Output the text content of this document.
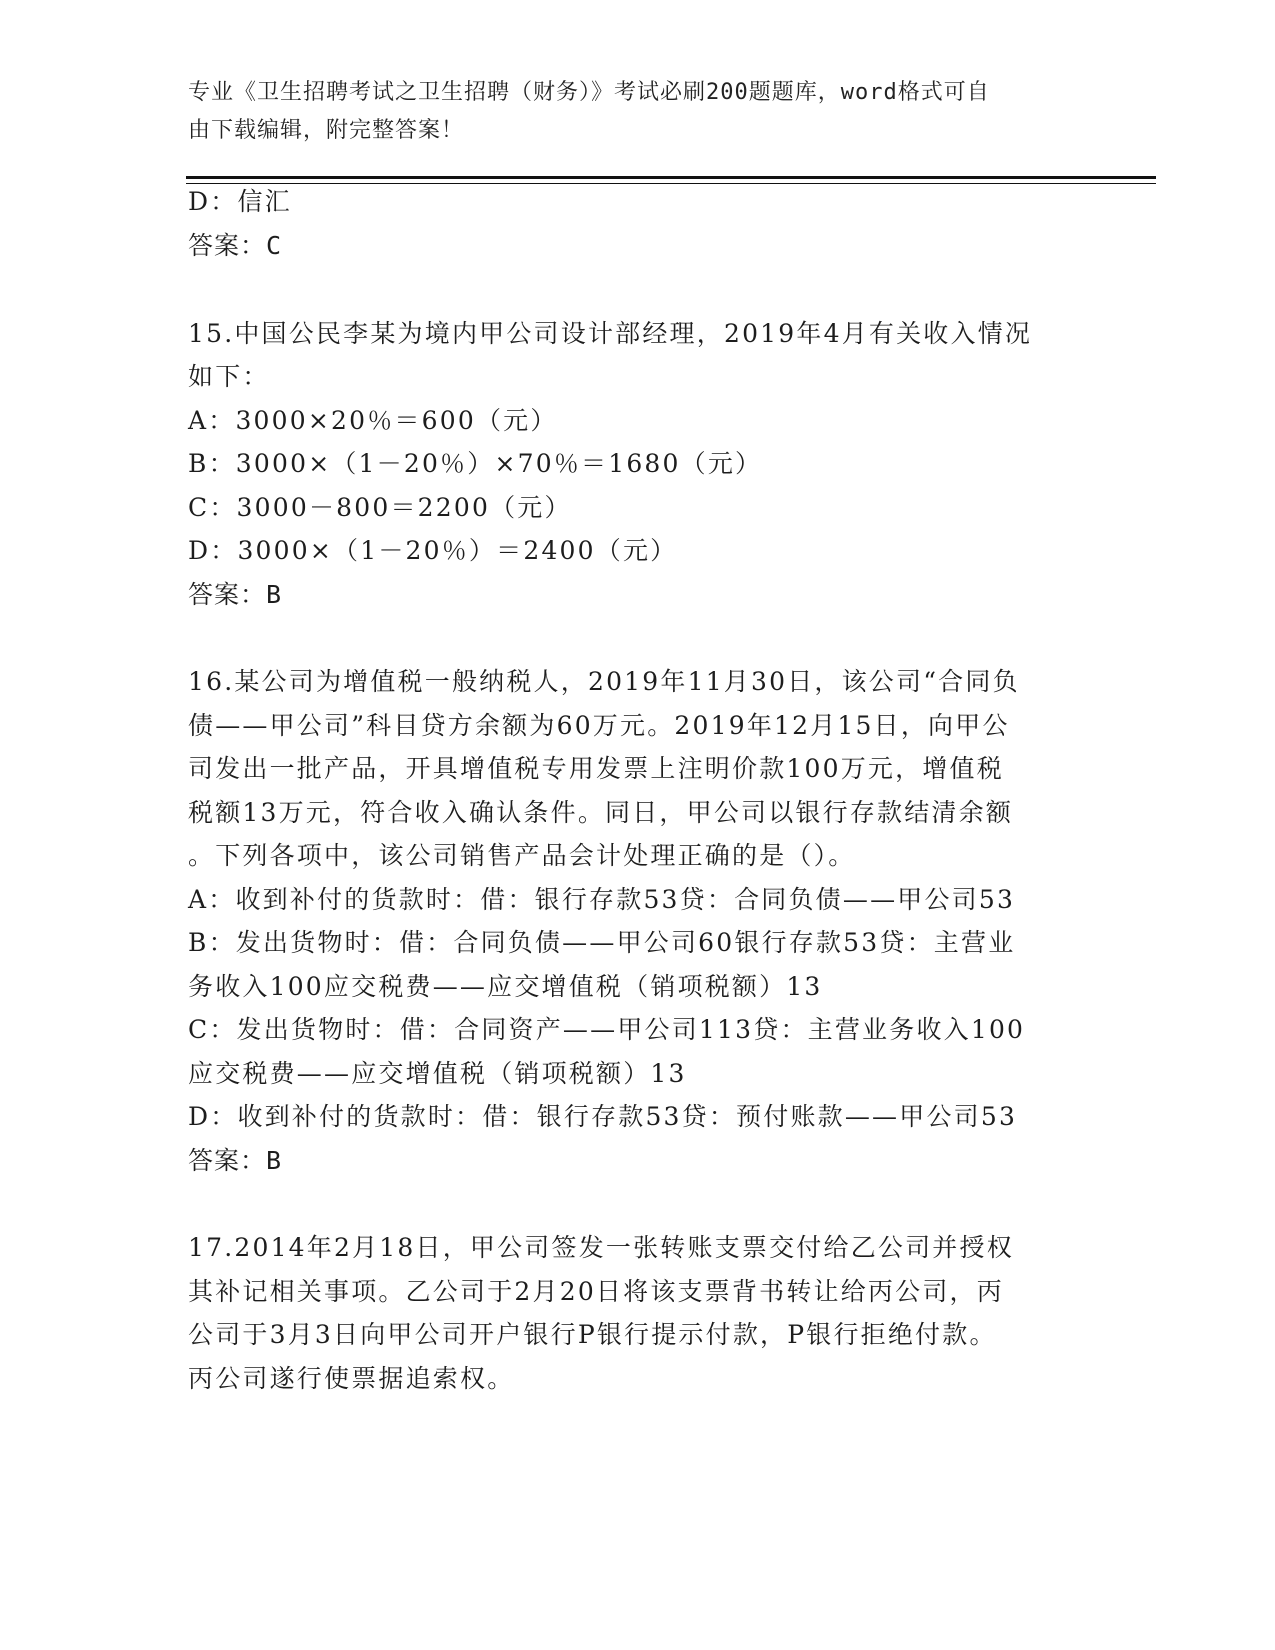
专业《卫生招聘考试之卫生招聘（财务）》考试必刷200题题库，word格式可自
由下载编辑，附完整答案！
D：信汇
答案：C
15.中国公民李某为境内甲公司设计部经理，2019年4月有关收入情况
如下：
A：3000×20％＝600（元）
B：3000×（1－20％）×70％＝1680（元）
C：3000－800＝2200（元）
D：3000×（1－20％）＝2400（元）
答案：B
16.某公司为增值税一般纳税人，2019年11月30日，该公司“合同负
债——甲公司”科目贷方余额为60万元。2019年12月15日，向甲公
司发出一批产品，开具增值税专用发票上注明价款100万元，增值税
税额13万元，符合收入确认条件。同日，甲公司以银行存款结清余额
。下列各项中，该公司销售产品会计处理正确的是（）。
A：收到补付的货款时：借：银行存款53贷：合同负债——甲公司53
B：发出货物时：借：合同负债——甲公司60银行存款53贷：主营业
务收入100应交税费——应交增值税（销项税额）13
C：发出货物时：借：合同资产——甲公司113贷：主营业务收入100
应交税费——应交增值税（销项税额）13
D：收到补付的货款时：借：银行存款53贷：预付账款——甲公司53
答案：B
17.2014年2月18日，甲公司签发一张转账支票交付给乙公司并授权
其补记相关事项。乙公司于2月20日将该支票背书转让给丙公司，丙
公司于3月3日向甲公司开户银行P银行提示付款，P银行拒绝付款。
丙公司遂行使票据追索权。
